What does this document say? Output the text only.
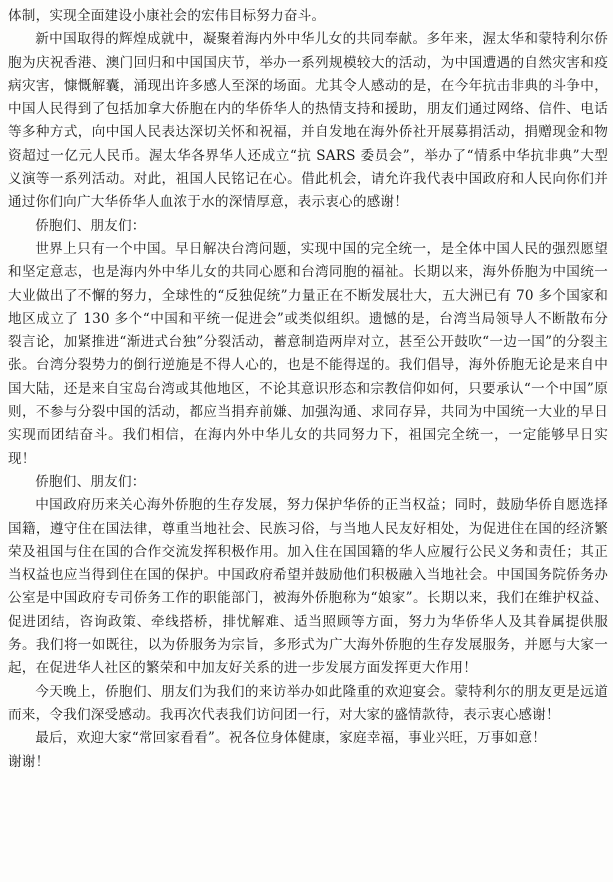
体制，实现全面建设小康社会的宏伟目标努力奋斗。

新中国取得的辉煌成就中，凝聚着海内外中华儿女的共同奉献。多年来，渥太华和蒙特利尔侨胞为庆祝香港、澳门回归和中国国庆节，举办一系列规模较大的活动，为中国遭遇的自然灾害和疫病灾害，慷慨解囊，涌现出许多感人至深的场面。尤其令人感动的是，在今年抗击非典的斗争中，中国人民得到了包括加拿大侨胞在内的华侨华人的热情支持和援助，朋友们通过网络、信件、电话等多种方式，向中国人民表达深切关怀和祝福，并自发地在海外侨社开展募捐活动，捐赠现金和物资超过一亿元人民币。渥太华各界华人还成立“抗 SARS 委员会”，举办了“情系中华抗非典”大型义演等一系列活动。对此，祖国人民铭记在心。借此机会，请允许我代表中国政府和人民向你们并通过你们向广大华侨华人血浓于水的深情厚意，表示衷心的感谢！

侨胞们、朋友们：

世界上只有一个中国。早日解决台湾问题，实现中国的完全统一，是全体中国人民的强烈愿望和坚定意志，也是海内外中华儿女的共同心愿和台湾同胞的福祉。长期以来，海外侨胞为中国统一大业做出了不懈的努力，全球性的“反独促统”力量正在不断发展壮大，五大洲已有 70 多个国家和地区成立了 130 多个“中国和平统一促进会”或类似组织。遗憾的是，台湾当局领导人不断散布分裂言论，加紧推进“渐进式台独”分裂活动，蓄意制造两岸对立，甚至公开鼓吹“一边一国”的分裂主张。台湾分裂势力的倒行逆施是不得人心的，也是不能得逞的。我们倡导，海外侨胞无论是来自中国大陆，还是来自宝岛台湾或其他地区，不论其意识形态和宗教信仰如何，只要承认“一个中国”原则，不参与分裂中国的活动，都应当捐弃前嫌、加强沟通、求同存异，共同为中国统一大业的早日实现而团结奋斗。我们相信，在海内外中华儿女的共同努力下，祖国完全统一，一定能够早日实现！

侨胞们、朋友们：

中国政府历来关心海外侨胞的生存发展，努力保护华侨的正当权益；同时，鼓励华侨自愿选择国籍，遵守住在国法律，尊重当地社会、民族习俗，与当地人民友好相处，为促进住在国的经济繁荣及祖国与住在国的合作交流发挥积极作用。加入住在国国籍的华人应履行公民义务和责任；其正当权益也应当得到住在国的保护。中国政府希望并鼓励他们积极融入当地社会。中国国务院侨务办公室是中国政府专司侨务工作的职能部门，被海外侨胞称为“娘家”。长期以来，我们在维护权益、促进团结，咨询政策、牵线搭桥，排忧解难、适当照顾等方面，努力为华侨华人及其眷属提供服务。我们将一如既往，以为侨服务为宗旨，多形式为广大海外侨胞的生存发展服务，并愿与大家一起，在促进华人社区的繁荣和中加友好关系的进一步发展方面发挥更大作用！

今天晚上，侨胞们、朋友们为我们的来访举办如此隆重的欢迎宴会。蒙特利尔的朋友更是远道而来，令我们深受感动。我再次代表我们访问团一行，对大家的盛情款待，表示衷心感谢！

最后，欢迎大家“常回家看看”。祝各位身体健康，家庭幸福，事业兴旺，万事如意！

谢谢！
